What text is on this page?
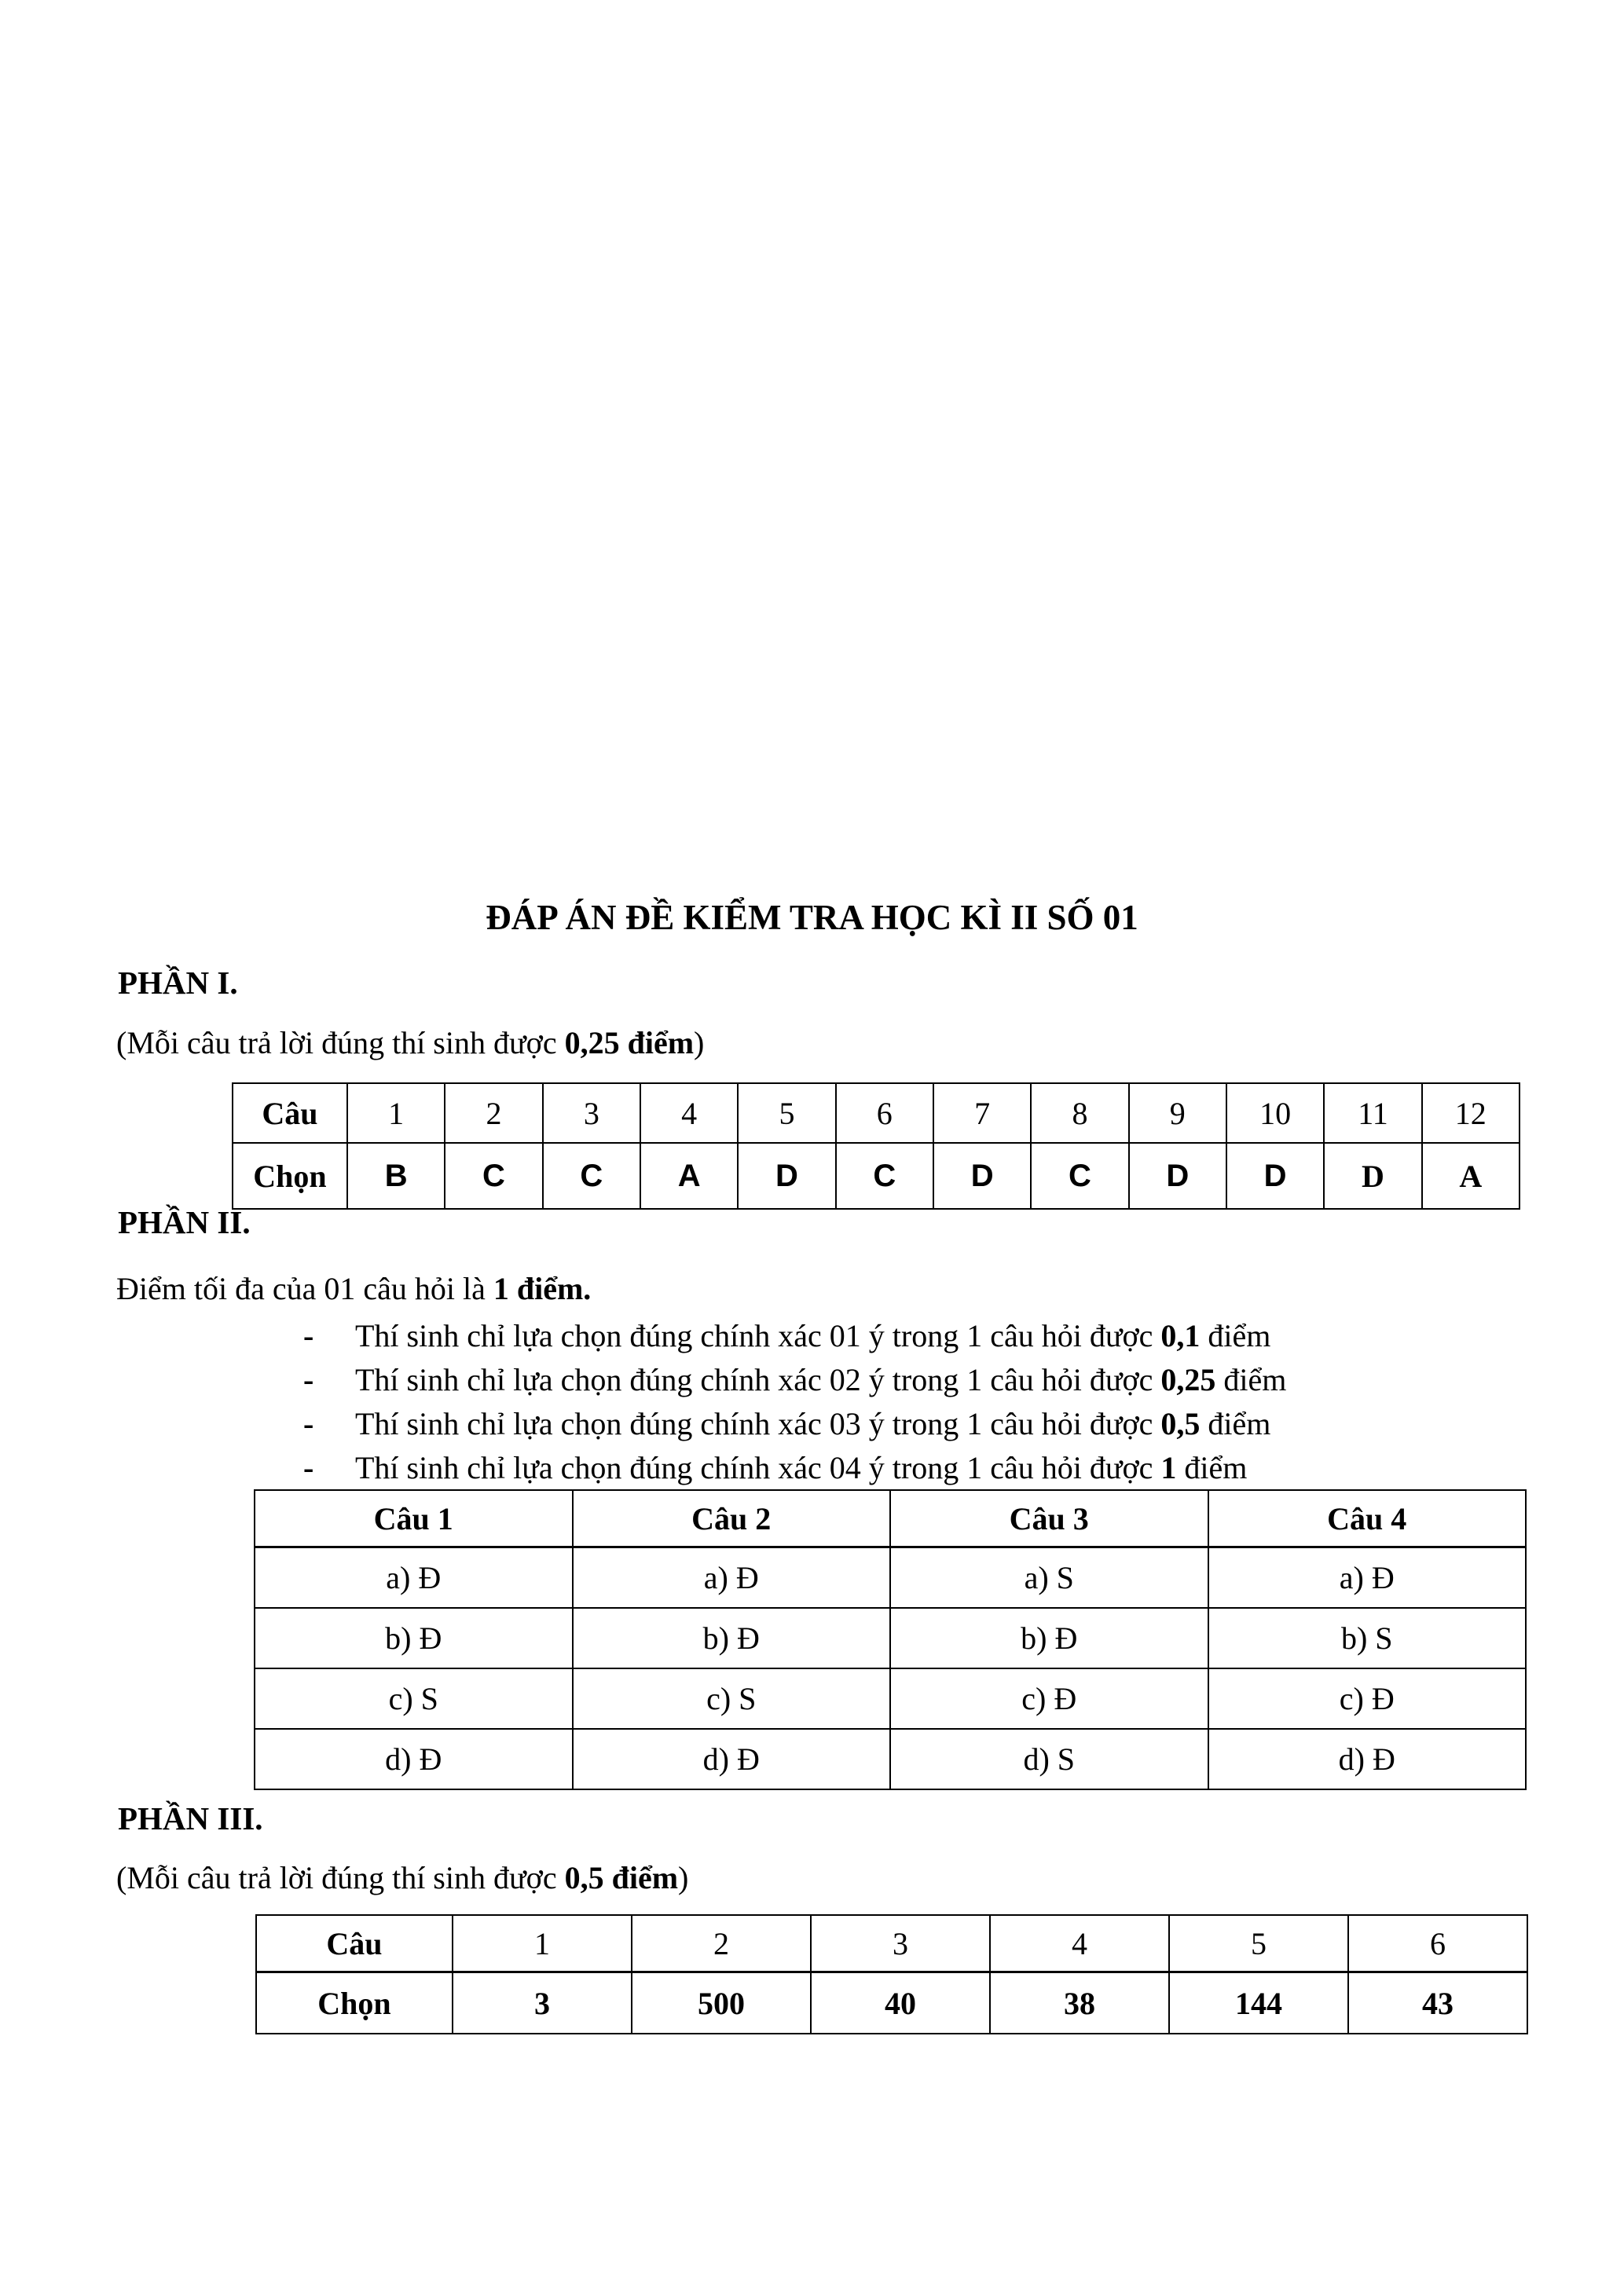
ĐÁP ÁN ĐỀ KIỂM TRA HỌC KÌ II SỐ 01
PHẦN I.
(Mỗi câu trả lời đúng thí sinh được 0,25 điểm)
Câu	1	2	3	4	5	6	7	8	9	10	11	12
Chọn	B	C	C	A	D	C	D	C	D	D	D	A
PHẦN II.
Điểm tối đa của 01 câu hỏi là 1 điểm.
- Thí sinh chỉ lựa chọn đúng chính xác 01 ý trong 1 câu hỏi được 0,1 điểm
- Thí sinh chỉ lựa chọn đúng chính xác 02 ý trong 1 câu hỏi được 0,25 điểm
- Thí sinh chỉ lựa chọn đúng chính xác 03 ý trong 1 câu hỏi được 0,5 điểm
- Thí sinh chỉ lựa chọn đúng chính xác 04 ý trong 1 câu hỏi được 1 điểm
Câu 1	Câu 2	Câu 3	Câu 4
a) Đ	a) Đ	a) S	a) Đ
b) Đ	b) Đ	b) Đ	b) S
c) S	c) S	c) Đ	c) Đ
d) Đ	d) Đ	d) S	d) Đ
PHẦN III.
(Mỗi câu trả lời đúng thí sinh được 0,5 điểm)
Câu	1	2	3	4	5	6
Chọn	3	500	40	38	144	43
